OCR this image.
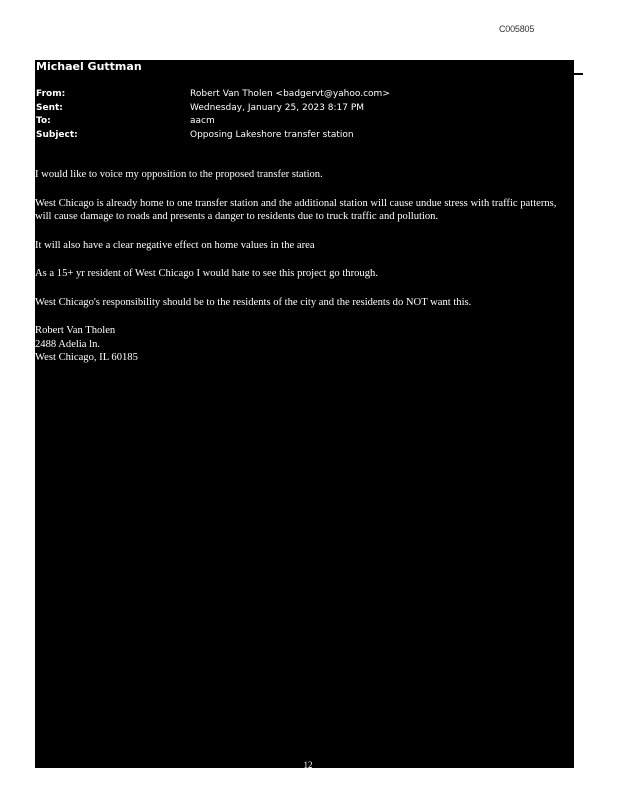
C005805
Michael Guttman
From:	Robert Van Tholen <badgervt@yahoo.com>
Sent:	Wednesday, January 25, 2023 8:17 PM
To:	aacm
Subject:	Opposing Lakeshore transfer station

I would like to voice my opposition to the proposed transfer station.

West Chicago is already home to one transfer station and the additional station will cause undue stress with traffic patterns, will cause damage to roads and presents a danger to residents due to truck traffic and pollution.

It will also have a clear negative effect on home values in the area

As a 15+ yr resident of West Chicago I would hate to see this project go through.

West Chicago's responsibility should be to the residents of the city and the residents do NOT want this.

Robert Van Tholen
2488 Adelia ln.
West Chicago, IL 60185
12
